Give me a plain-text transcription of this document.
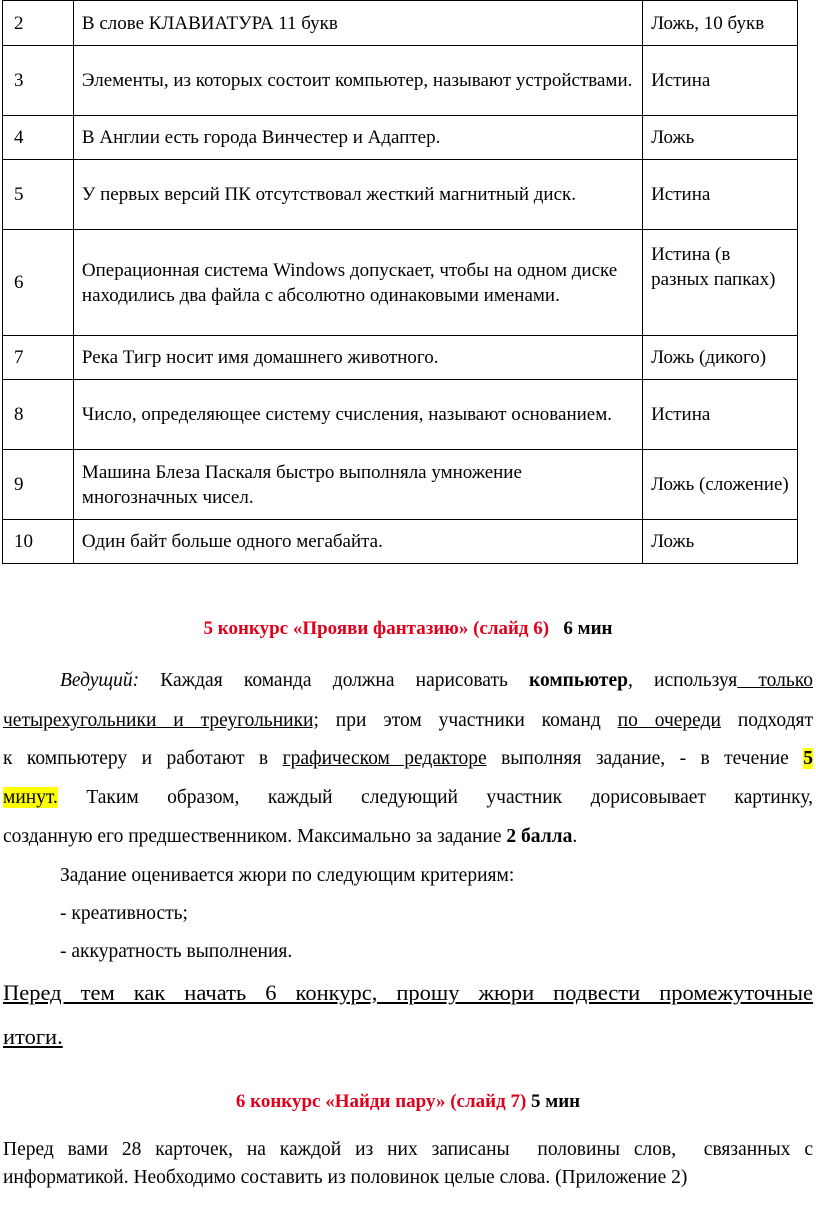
2	В слове КЛАВИАТУРА 11 букв	Ложь, 10 букв
3	Элементы, из которых состоит компьютер, называют устройствами.	Истина
4	В Англии есть города Винчестер и Адаптер.	Ложь
5	У первых версий ПК отсутствовал жесткий магнитный диск.	Истина
6	Операционная система Windows допускает, чтобы на одном диске находились два файла с абсолютно одинаковыми именами.	Истина (в разных папках)
7	Река Тигр носит имя домашнего животного.	Ложь (дикого)
8	Число, определяющее систему счисления, называют основанием.	Истина
9	Машина Блеза Паскаля быстро выполняла умножение многозначных чисел.	Ложь (сложение)
10	Один байт больше одного мегабайта.	Ложь
5 конкурс «Прояви фантазию» (слайд 6) 6 мин
Ведущий: Каждая команда должна нарисовать компьютер, используя только
четырехугольники и треугольники; при этом участники команд по очереди подходят
к компьютеру и работают в графическом редакторе выполняя задание, - в течение 5
минут. Таким образом, каждый следующий участник дорисовывает картинку,
созданную его предшественником. Максимально за задание 2 балла.
Задание оценивается жюри по следующим критериям:
- креативность;
- аккуратность выполнения.
Перед тем как начать 6 конкурс, прошу жюри подвести промежуточные
итоги.
6 конкурс «Найди пару» (слайд 7) 5 мин
Перед вами 28 карточек, на каждой из них записаны  половины слов,  связанных с
информатикой. Необходимо составить из половинок целые слова. (Приложение 2)
